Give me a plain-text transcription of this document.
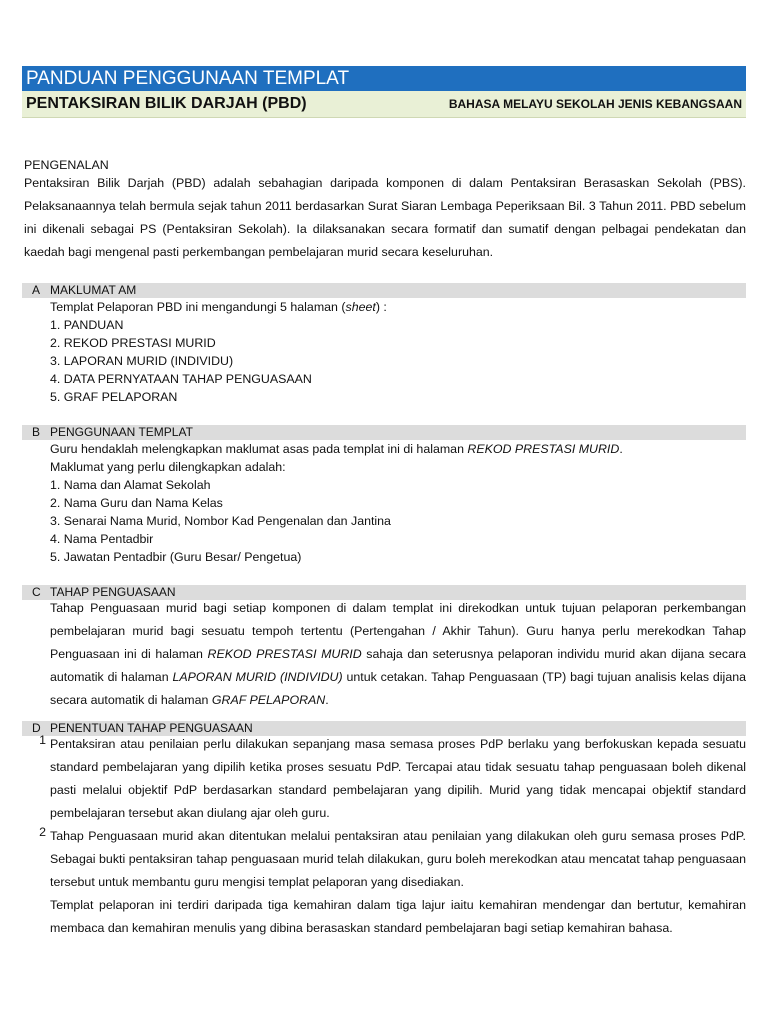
PANDUAN PENGGUNAAN TEMPLAT
PENTAKSIRAN BILIK DARJAH (PBD)	BAHASA MELAYU SEKOLAH JENIS KEBANGSAAN
PENGENALAN
Pentaksiran Bilik Darjah (PBD) adalah sebahagian daripada komponen di dalam Pentaksiran Berasaskan Sekolah (PBS). Pelaksanaannya telah bermula sejak tahun 2011 berdasarkan Surat Siaran Lembaga Peperiksaan Bil. 3 Tahun 2011. PBD sebelum ini dikenali sebagai PS (Pentaksiran Sekolah). Ia dilaksanakan secara formatif dan sumatif dengan pelbagai pendekatan dan kaedah bagi mengenal pasti perkembangan pembelajaran murid secara keseluruhan.
A MAKLUMAT AM
Templat Pelaporan PBD ini mengandungi 5 halaman (sheet) :
1. PANDUAN
2. REKOD PRESTASI MURID
3. LAPORAN MURID (INDIVIDU)
4. DATA PERNYATAAN TAHAP PENGUASAAN
5. GRAF PELAPORAN
B PENGGUNAAN TEMPLAT
Guru hendaklah melengkapkan maklumat asas pada templat ini di halaman REKOD PRESTASI MURID.
Maklumat yang perlu dilengkapkan adalah:
1. Nama dan Alamat Sekolah
2. Nama Guru dan Nama Kelas
3. Senarai Nama Murid, Nombor Kad Pengenalan dan Jantina
4. Nama Pentadbir
5. Jawatan Pentadbir (Guru Besar/ Pengetua)
C TAHAP PENGUASAAN
Tahap Penguasaan murid bagi setiap komponen di dalam templat ini direkodkan untuk tujuan pelaporan perkembangan pembelajaran murid bagi sesuatu tempoh tertentu (Pertengahan / Akhir Tahun). Guru hanya perlu merekodkan Tahap Penguasaan ini di halaman REKOD PRESTASI MURID sahaja dan seterusnya pelaporan individu murid akan dijana secara automatik di halaman LAPORAN MURID (INDIVIDU) untuk cetakan. Tahap Penguasaan (TP) bagi tujuan analisis kelas dijana secara automatik di halaman GRAF PELAPORAN.
D PENENTUAN TAHAP PENGUASAAN
1 Pentaksiran atau penilaian perlu dilakukan sepanjang masa semasa proses PdP berlaku yang berfokuskan kepada sesuatu standard pembelajaran yang dipilih ketika proses sesuatu PdP. Tercapai atau tidak sesuatu tahap penguasaan boleh dikenal pasti melalui objektif PdP berdasarkan standard pembelajaran yang dipilih. Murid yang tidak mencapai objektif standard pembelajaran tersebut akan diulang ajar oleh guru.
2 Tahap Penguasaan murid akan ditentukan melalui pentaksiran atau penilaian yang dilakukan oleh guru semasa proses PdP. Sebagai bukti pentaksiran tahap penguasaan murid telah dilakukan, guru boleh merekodkan atau mencatat tahap penguasaan tersebut untuk membantu guru mengisi templat pelaporan yang disediakan.
Templat pelaporan ini terdiri daripada tiga kemahiran dalam tiga lajur iaitu kemahiran mendengar dan bertutur, kemahiran membaca dan kemahiran menulis yang dibina berasaskan standard pembelajaran bagi setiap kemahiran bahasa.
